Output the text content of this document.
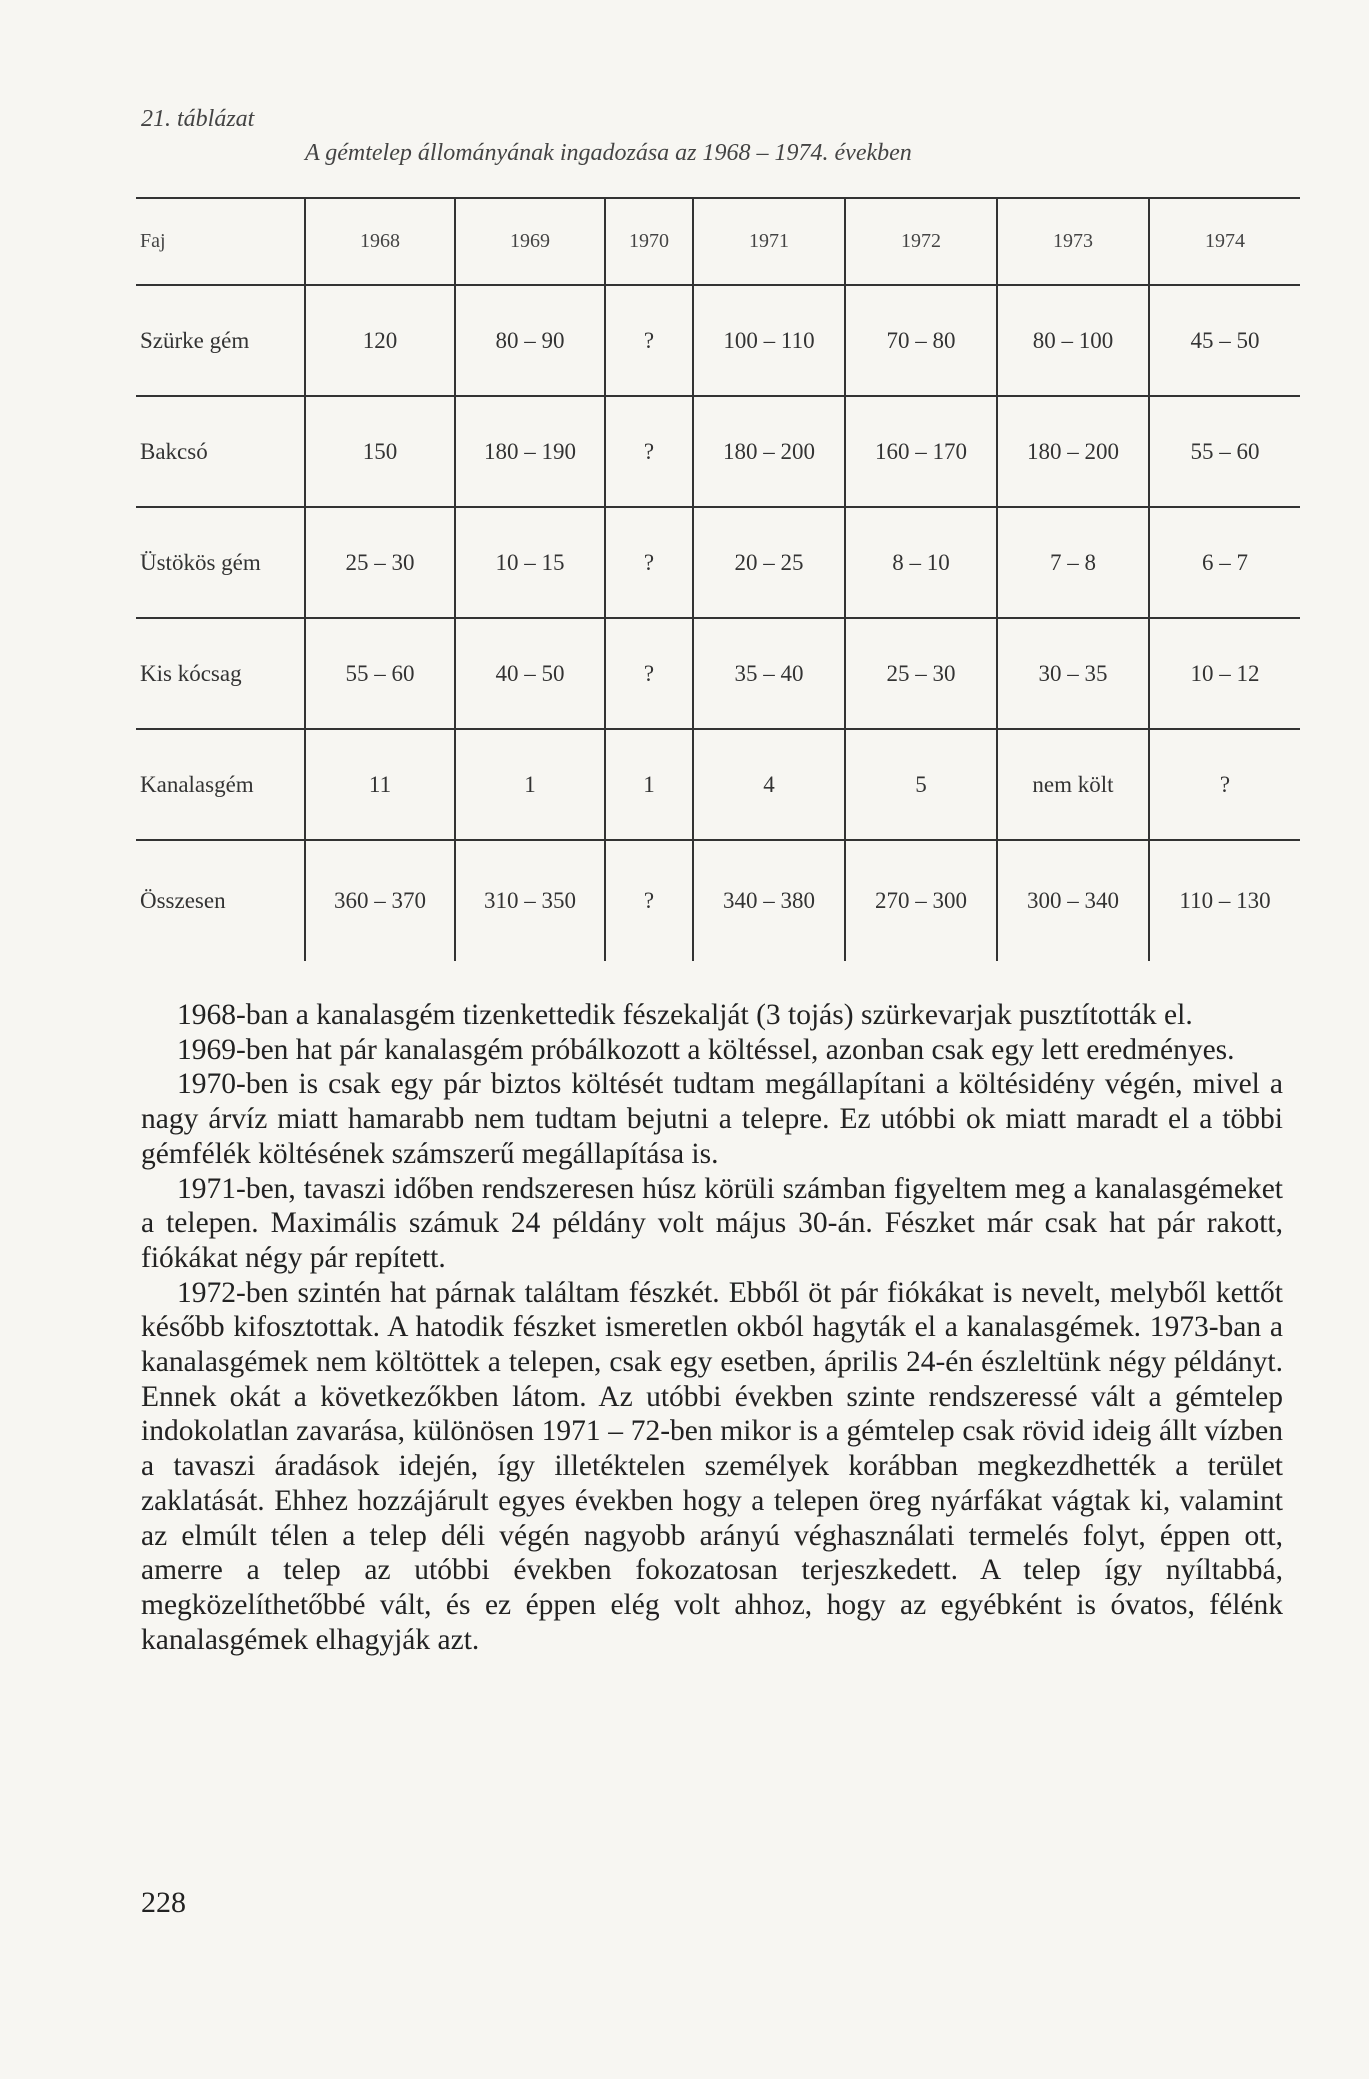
21. táblázat
A gémtelep állományának ingadozása az 1968 – 1974. években
Faj	1968	1969	1970	1971	1972	1973	1974
Szürke gém	120	80 – 90	?	100 – 110	70 – 80	80 – 100	45 – 50
Bakcsó	150	180 – 190	?	180 – 200	160 – 170	180 – 200	55 – 60
Üstökös gém	25 – 30	10 – 15	?	20 – 25	8 – 10	7 – 8	6 – 7
Kis kócsag	55 – 60	40 – 50	?	35 – 40	25 – 30	30 – 35	10 – 12
Kanalasgém	11	1	1	4	5	nem költ	?
Összesen	360 – 370	310 – 350	?	340 – 380	270 – 300	300 – 340	110 – 130

1968-ban a kanalasgém tizenkettedik fészekalját (3 tojás) szürkevarjak pusztították el.

1969-ben hat pár kanalasgém próbálkozott a költéssel, azonban csak egy lett eredményes.

1970-ben is csak egy pár biztos költését tudtam megállapítani a költésidény végén, mivel a nagy árvíz miatt hamarabb nem tudtam bejutni a telepre. Ez utóbbi ok miatt maradt el a többi gémfélék költésének számszerű megállapítása is.

1971-ben, tavaszi időben rendszeresen húsz körüli számban figyeltem meg a kanalasgémeket a telepen. Maximális számuk 24 példány volt május 30-án. Fészket már csak hat pár rakott, fiókákat négy pár repített.

1972-ben szintén hat párnak találtam fészkét. Ebből öt pár fiókákat is nevelt, melyből kettőt később kifosztottak. A hatodik fészket ismeretlen okból hagyták el a kanalasgémek. 1973-ban a kanalasgémek nem költöttek a telepen, csak egy esetben, április 24-én észleltünk négy példányt. Ennek okát a következőkben látom. Az utóbbi években szinte rendszeressé vált a gémtelep indokolatlan zavarása, különösen 1971 – 72-ben mikor is a gémtelep csak rövid ideig állt vízben a tavaszi áradások idején, így illetéktelen személyek korábban megkezdhették a terület zaklatását. Ehhez hozzájárult egyes években hogy a telepen öreg nyárfákat vágtak ki, valamint az elmúlt télen a telep déli végén nagyobb arányú véghasználati termelés folyt, éppen ott, amerre a telep az utóbbi években fokozatosan terjeszkedett. A telep így nyíltabbá, megközelíthetőbbé vált, és ez éppen elég volt ahhoz, hogy az egyébként is óvatos, félénk kanalasgémek elhagyják azt.

228
